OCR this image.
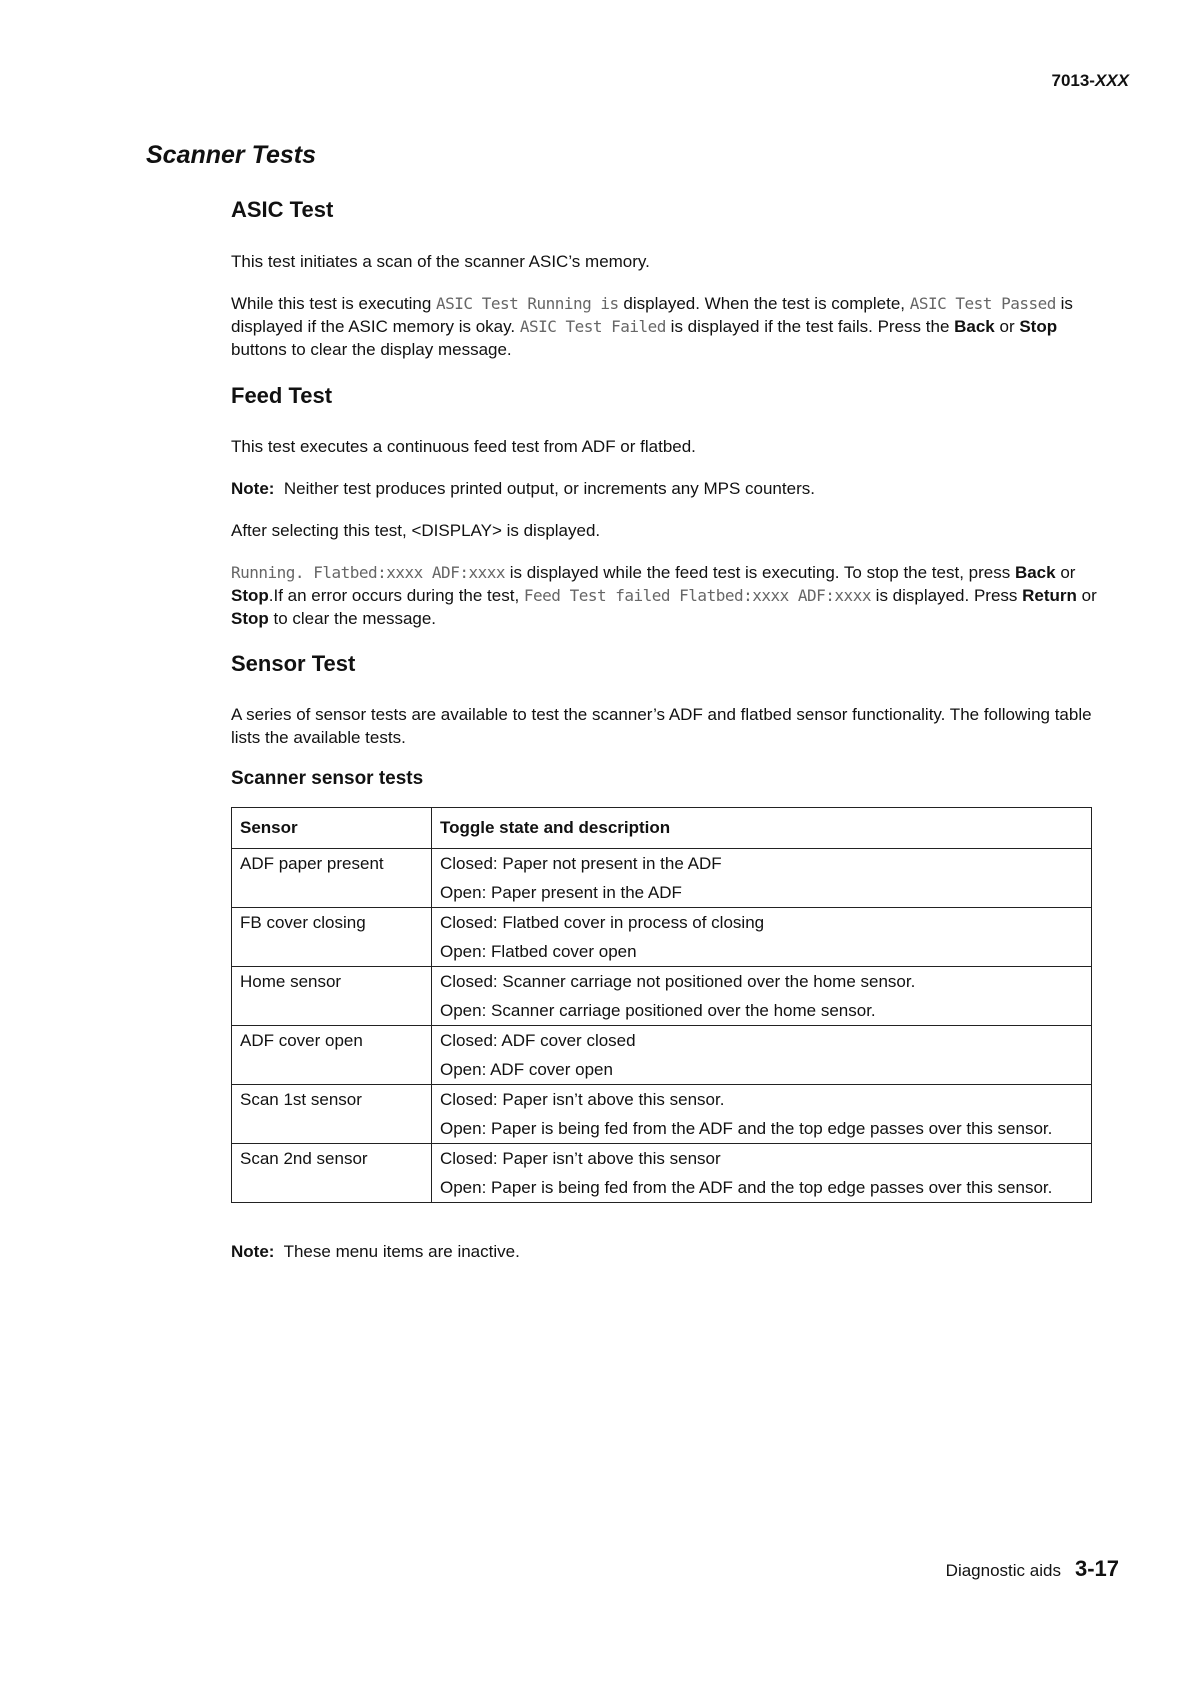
7013-XXX
Scanner Tests
ASIC Test

This test initiates a scan of the scanner ASIC’s memory.

While this test is executing ASIC Test Running is displayed. When the test is complete, ASIC Test Passed is displayed if the ASIC memory is okay. ASIC Test Failed is displayed if the test fails. Press the Back or Stop buttons to clear the display message.

Feed Test

This test executes a continuous feed test from ADF or flatbed.

Note: Neither test produces printed output, or increments any MPS counters.

After selecting this test, <DISPLAY> is displayed.

Running. Flatbed:xxxx ADF:xxxx is displayed while the feed test is executing. To stop the test, press Back or Stop.If an error occurs during the test, Feed Test failed Flatbed:xxxx ADF:xxxx is displayed. Press Return or Stop to clear the message.

Sensor Test

A series of sensor tests are available to test the scanner’s ADF and flatbed sensor functionality. The following table lists the available tests.

Scanner sensor tests
Sensor	Toggle state and description

ADF paper present	Closed: Paper not present in the ADF
Open: Paper present in the ADF

FB cover closing	Closed: Flatbed cover in process of closing
Open: Flatbed cover open

Home sensor	Closed: Scanner carriage not positioned over the home sensor.
Open: Scanner carriage positioned over the home sensor.

ADF cover open	Closed: ADF cover closed
Open: ADF cover open

Scan 1st sensor	Closed: Paper isn’t above this sensor.
Open: Paper is being fed from the ADF and the top edge passes over this sensor.

Scan 2nd sensor	Closed: Paper isn’t above this sensor
Open: Paper is being fed from the ADF and the top edge passes over this sensor.

Note: These menu items are inactive.

Diagnostic aids 3-17
